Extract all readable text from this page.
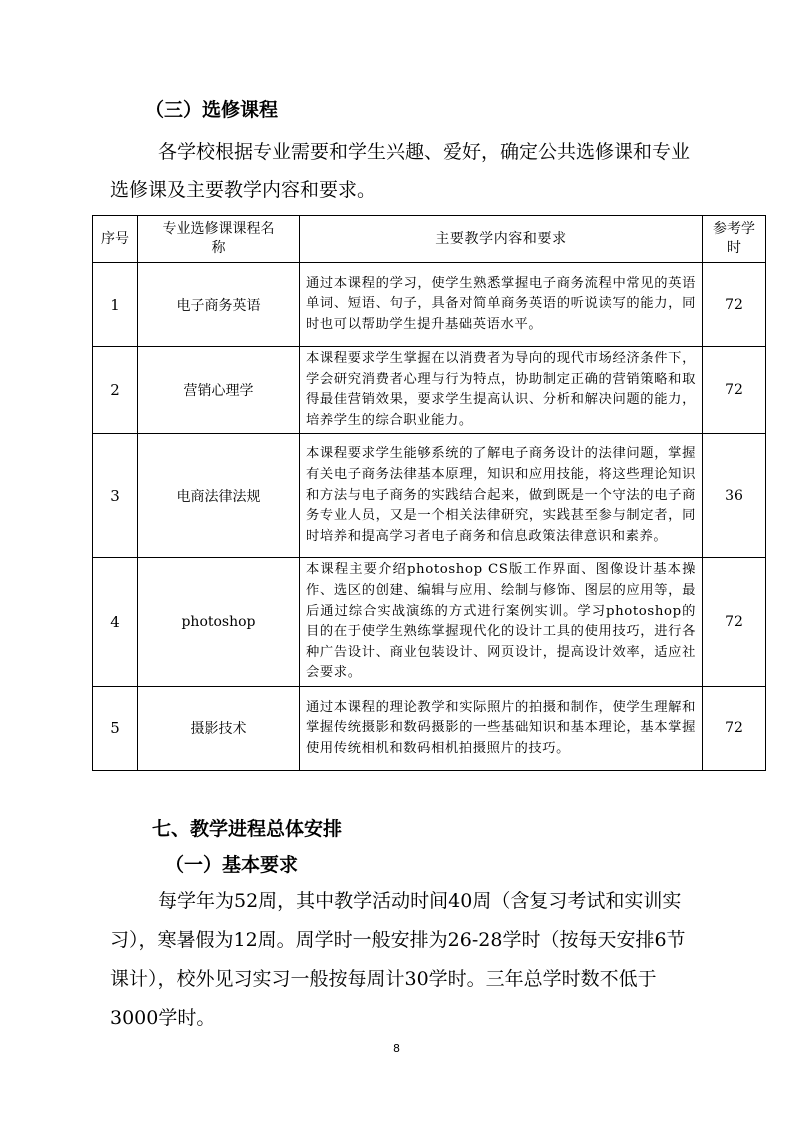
（三）选修课程
各学校根据专业需要和学生兴趣、爱好，确定公共选修课和专业选修课及主要教学内容和要求。
序号	专业选修课课程名称	主要教学内容和要求	参考学时
1	电子商务英语	通过本课程的学习，使学生熟悉掌握电子商务流程中常见的英语单词、短语、句子，具备对简单商务英语的听说读写的能力，同时也可以帮助学生提升基础英语水平。	72
2	营销心理学	本课程要求学生掌握在以消费者为导向的现代市场经济条件下，学会研究消费者心理与行为特点，协助制定正确的营销策略和取得最佳营销效果，要求学生提高认识、分析和解决问题的能力，培养学生的综合职业能力。	72
3	电商法律法规	本课程要求学生能够系统的了解电子商务设计的法律问题，掌握有关电子商务法律基本原理，知识和应用技能，将这些理论知识和方法与电子商务的实践结合起来，做到既是一个守法的电子商务专业人员，又是一个相关法律研究，实践甚至参与制定者，同时培养和提高学习者电子商务和信息政策法律意识和素养。	36
4	photoshop	本课程主要介绍photoshop CS版工作界面、图像设计基本操作、选区的创建、编辑与应用、绘制与修饰、图层的应用等，最后通过综合实战演练的方式进行案例实训。学习photoshop的目的在于使学生熟练掌握现代化的设计工具的使用技巧，进行各种广告设计、商业包装设计、网页设计，提高设计效率，适应社会要求。	72
5	摄影技术	通过本课程的理论教学和实际照片的拍摄和制作，使学生理解和掌握传统摄影和数码摄影的一些基础知识和基本理论，基本掌握使用传统相机和数码相机拍摄照片的技巧。	72
七、教学进程总体安排
（一）基本要求
每学年为52周，其中教学活动时间40周（含复习考试和实训实习），寒暑假为12周。周学时一般安排为26-28学时（按每天安排6节课计），校外见习实习一般按每周计30学时。三年总学时数不低于3000学时。
8
